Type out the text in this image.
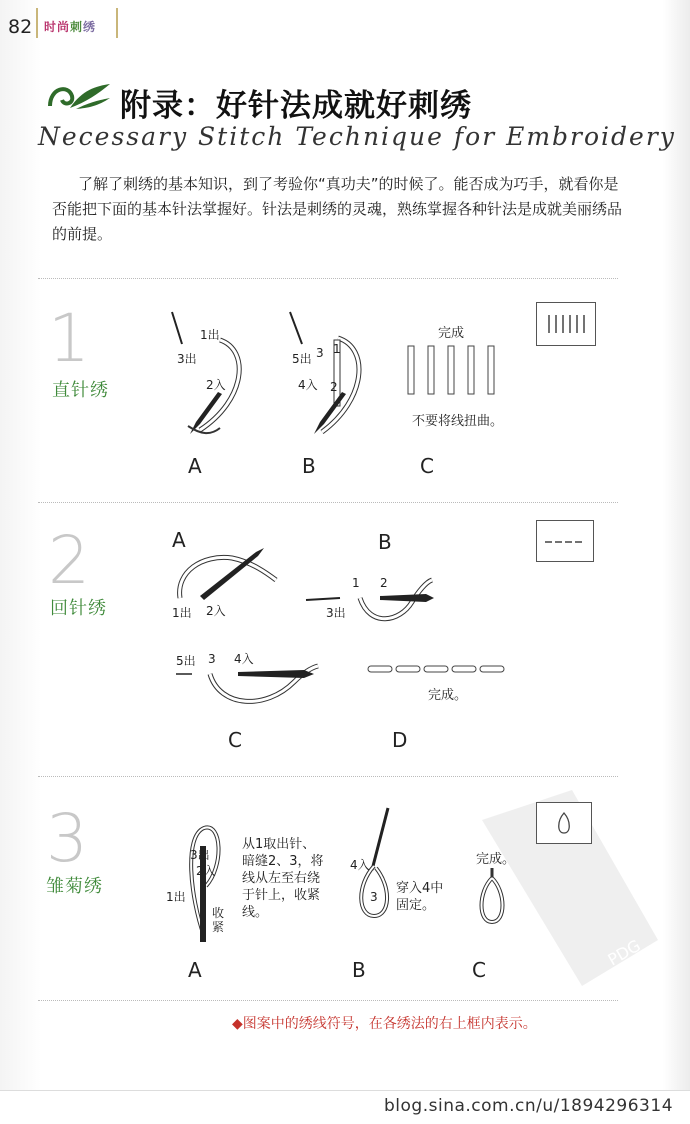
82 时尚刺绣
附录：好针法成就好刺绣
Necessary Stitch Technique for Embroidery
了解了刺绣的基本知识，到了考验你“真功夫”的时候了。能否成为巧手，就看你是否能把下面的基本针法掌握好。针法是刺绣的灵魂，熟练掌握各种针法是成就美丽绣品的前提。
1
直针绣
1出
3出
2入
A
5出 3 1
4入 2
B
完成
不要将线扭曲。
C
2
回针绣
A
1出 2入
B
1 2
3出
5出 3 4入
C
完成。
D
PDG
3
雏菊绣
3出
2入
1出
收紧
从1取出针、
暗缝2、3，将
线从左至右绕
于针上，收紧
线。
A
4入
3
穿入4中
固定。
B
完成。
C
◆图案中的绣线符号，在各绣法的右上框内表示。
blog.sina.com.cn/u/1894296314
